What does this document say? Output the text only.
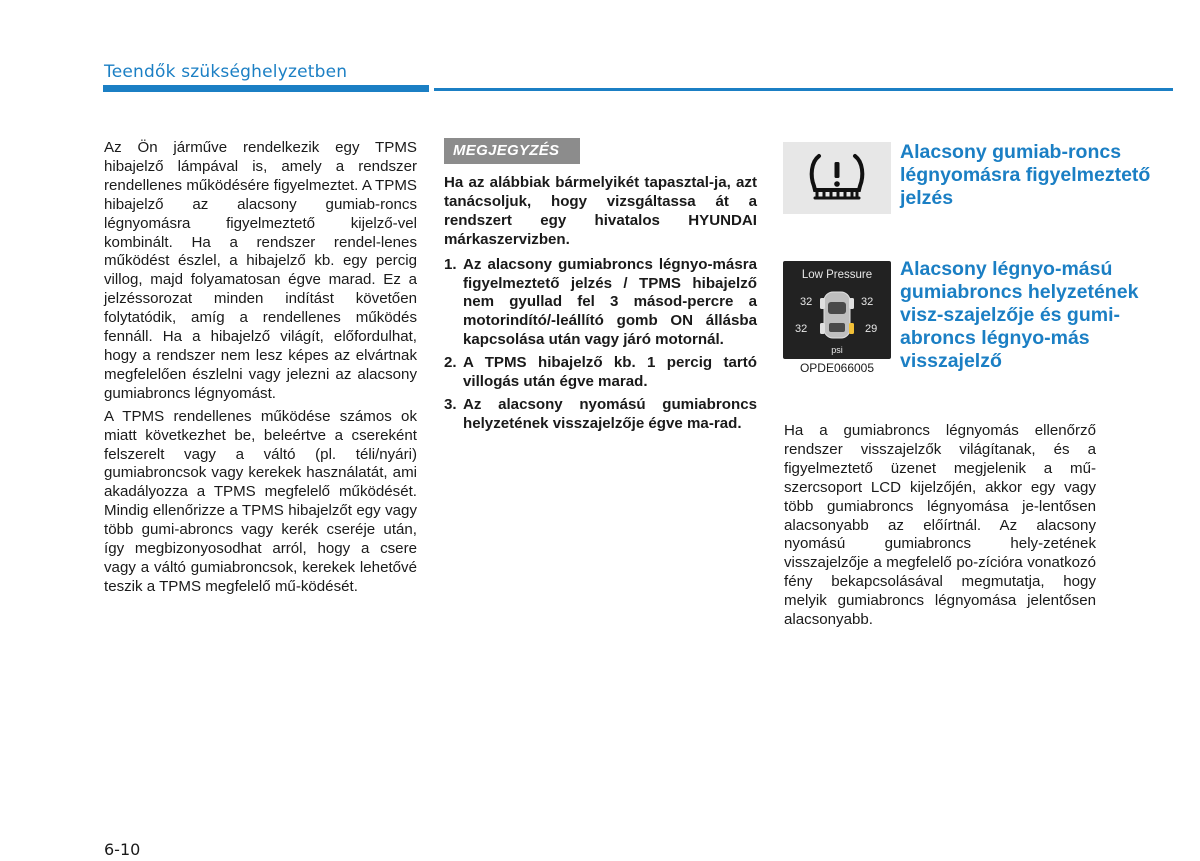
Teendők szükséghelyzetben

Az Ön járműve rendelkezik egy TPMS hibajelző lámpával is, amely a rendszer rendellenes működésére figyelmeztet. A TPMS hibajelző az alacsony gumiab-roncs légnyomásra figyelmeztető kijelző-vel kombinált. Ha a rendszer rendel-lenes működést észlel, a hibajelző kb. egy percig villog, majd folyamatosan égve marad. Ez a jelzéssorozat minden indítást követően folytatódik, amíg a rendellenes működés fennáll. Ha a hibajelző világít, előfordulhat, hogy a rendszer nem lesz képes az elvártnak megfelelően észlelni vagy jelezni az alacsony gumiabroncs légnyomást.

A TPMS rendellenes működése számos ok miatt következhet be, beleértve a csereként felszerelt vagy a váltó (pl. téli/nyári) gumiabroncsok vagy kerekek használatát, ami akadályozza a TPMS megfelelő működését. Mindig ellenőrizze a TPMS hibajelzőt egy vagy több gumi-abroncs vagy kerék cseréje után, így megbizonyosodhat arról, hogy a csere vagy a váltó gumiabroncsok, kerekek lehetővé teszik a TPMS megfelelő mű-ködését.

MEGJEGYZÉS

Ha az alábbiak bármelyikét tapasztal-ja, azt tanácsoljuk, hogy vizsgáltassa át a rendszert egy hivatalos HYUNDAI márkaszervizben.

1. Az alacsony gumiabroncs légnyo-másra figyelmeztető jelzés / TPMS hibajelző nem gyullad fel 3 másod-percre a motorindító/-leállító gomb ON állásba kapcsolása után vagy járó motornál.
2. A TPMS hibajelző kb. 1 percig tartó villogás után égve marad.
3. Az alacsony nyomású gumiabroncs helyzetének visszajelzője égve ma-rad.
Alacsony gumiab-roncs légnyomásra figyelmeztető jelzés
Low Pressure
32	32
32	29
psi
OPDE066005
Alacsony légnyo-mású gumiabroncs helyzetének visz-szajelzője és gumi-abroncs légnyo-más visszajelző

Ha a gumiabroncs légnyomás ellenőrző rendszer visszajelzők világítanak, és a figyelmeztető üzenet megjelenik a mű-szercsoport LCD kijelzőjén, akkor egy vagy több gumiabroncs légnyomása je-lentősen alacsonyabb az előírtnál. Az alacsony nyomású gumiabroncs hely-zetének visszajelzője a megfelelő po-zícióra vonatkozó fény bekapcsolásával megmutatja, hogy melyik gumiabroncs légnyomása jelentősen alacsonyabb.

6-10
